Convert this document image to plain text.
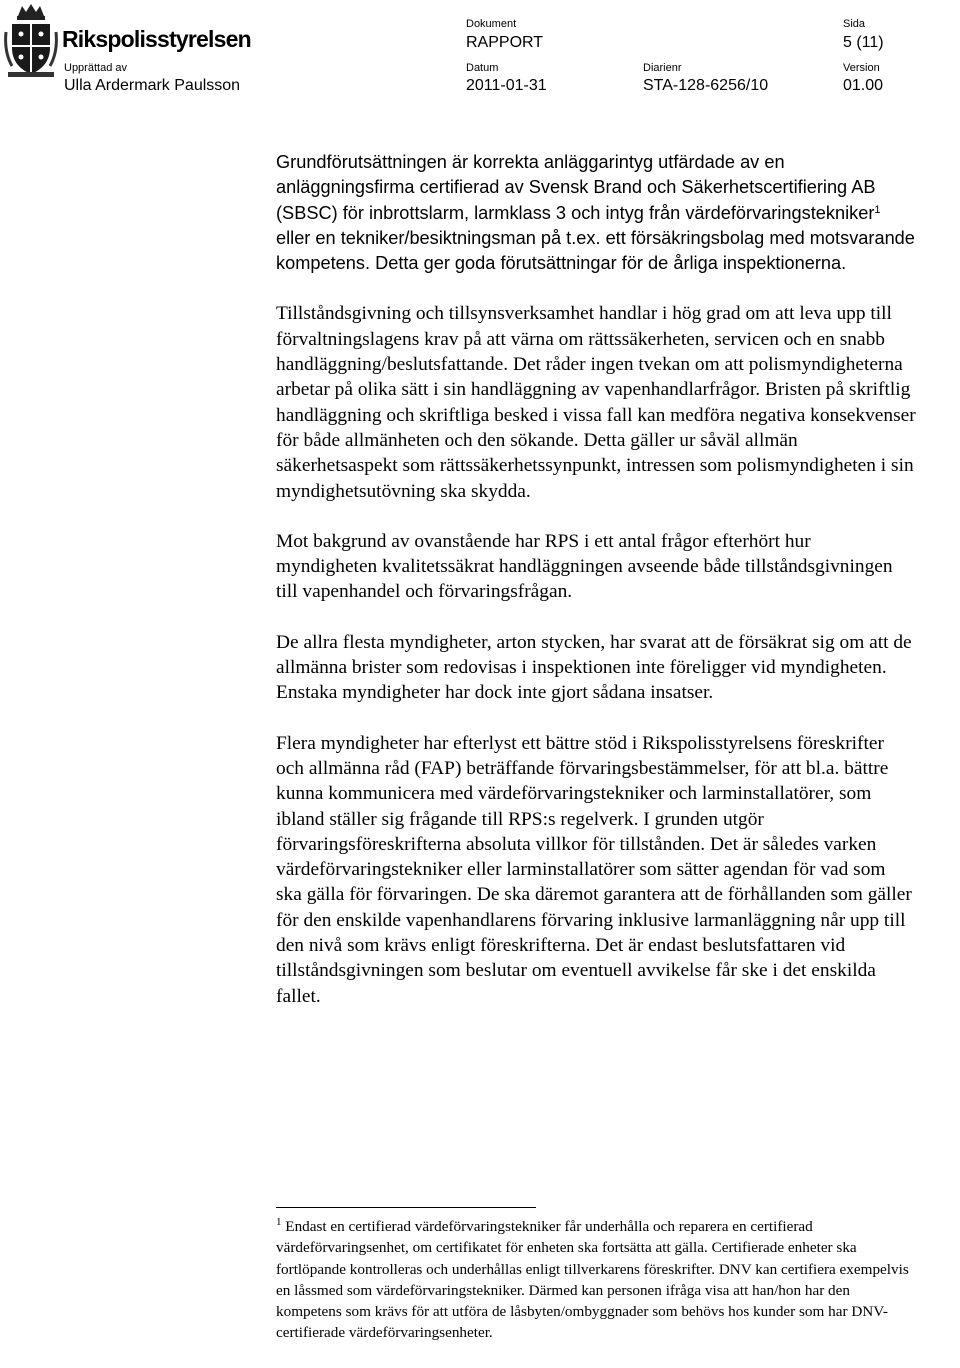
Rikspolisstyrelsen
Dokument
RAPPORT
Sida
5 (11)
Upprättad av
Ulla Ardermark Paulsson
Datum
2011-01-31
Diarienr
STA-128-6256/10
Version
01.00

Grundförutsättningen är korrekta anläggarintyg utfärdade av en anläggningsfirma certifierad av Svensk Brand och Säkerhetscertifiering AB (SBSC) för inbrottslarm, larmklass 3 och intyg från värdeförvaringstekniker$^1$ eller en tekniker/besiktningsman på t.ex. ett försäkringsbolag med motsvarande kompetens. Detta ger goda förutsättningar för de årliga inspektionerna.

Tillståndsgivning och tillsynsverksamhet handlar i hög grad om att leva upp till förvaltningslagens krav på att värna om rättssäkerheten, servicen och en snabb handläggning/beslutsfattande. Det råder ingen tvekan om att polismyndigheterna arbetar på olika sätt i sin handläggning av vapenhandlarfrågor. Bristen på skriftlig handläggning och skriftliga besked i vissa fall kan medföra negativa konsekvenser för både allmänheten och den sökande. Detta gäller ur såväl allmän säkerhetsaspekt som rättssäkerhetssynpunkt, intressen som polismyndigheten i sin myndighetsutövning ska skydda.

Mot bakgrund av ovanstående har RPS i ett antal frågor efterhört hur myndigheten kvalitetssäkrat handläggningen avseende både tillståndsgivningen till vapenhandel och förvaringsfrågan.

De allra flesta myndigheter, arton stycken, har svarat att de försäkrat sig om att de allmänna brister som redovisas i inspektionen inte föreligger vid myndigheten. Enstaka myndigheter har dock inte gjort sådana insatser.

Flera myndigheter har efterlyst ett bättre stöd i Rikspolisstyrelsens föreskrifter och allmänna råd (FAP) beträffande förvaringsbestämmelser, för att bl.a. bättre kunna kommunicera med värdeförvaringstekniker och larminstallatörer, som ibland ställer sig frågande till RPS:s regelverk. I grunden utgör förvaringsföreskrifterna absoluta villkor för tillstånden. Det är således varken värdeförvaringstekniker eller larminstallatörer som sätter agendan för vad som ska gälla för förvaringen. De ska däremot garantera att de förhållanden som gäller för den enskilde vapenhandlarens förvaring inklusive larmanläggning når upp till den nivå som krävs enligt föreskrifterna. Det är endast beslutsfattaren vid tillståndsgivningen som beslutar om eventuell avvikelse får ske i det enskilda fallet.

$^1$ Endast en certifierad värdeförvaringstekniker får underhålla och reparera en certifierad värdeförvaringsenhet, om certifikatet för enheten ska fortsätta att gälla. Certifierade enheter ska fortlöpande kontrolleras och underhållas enligt tillverkarens föreskrifter. DNV kan certifiera exempelvis en låssmed som värdeförvaringstekniker. Därmed kan personen ifråga visa att han/hon har den kompetens som krävs för att utföra de låsbyten/ombyggnader som behövs hos kunder som har DNV-certifierade värdeförvaringsenheter.
